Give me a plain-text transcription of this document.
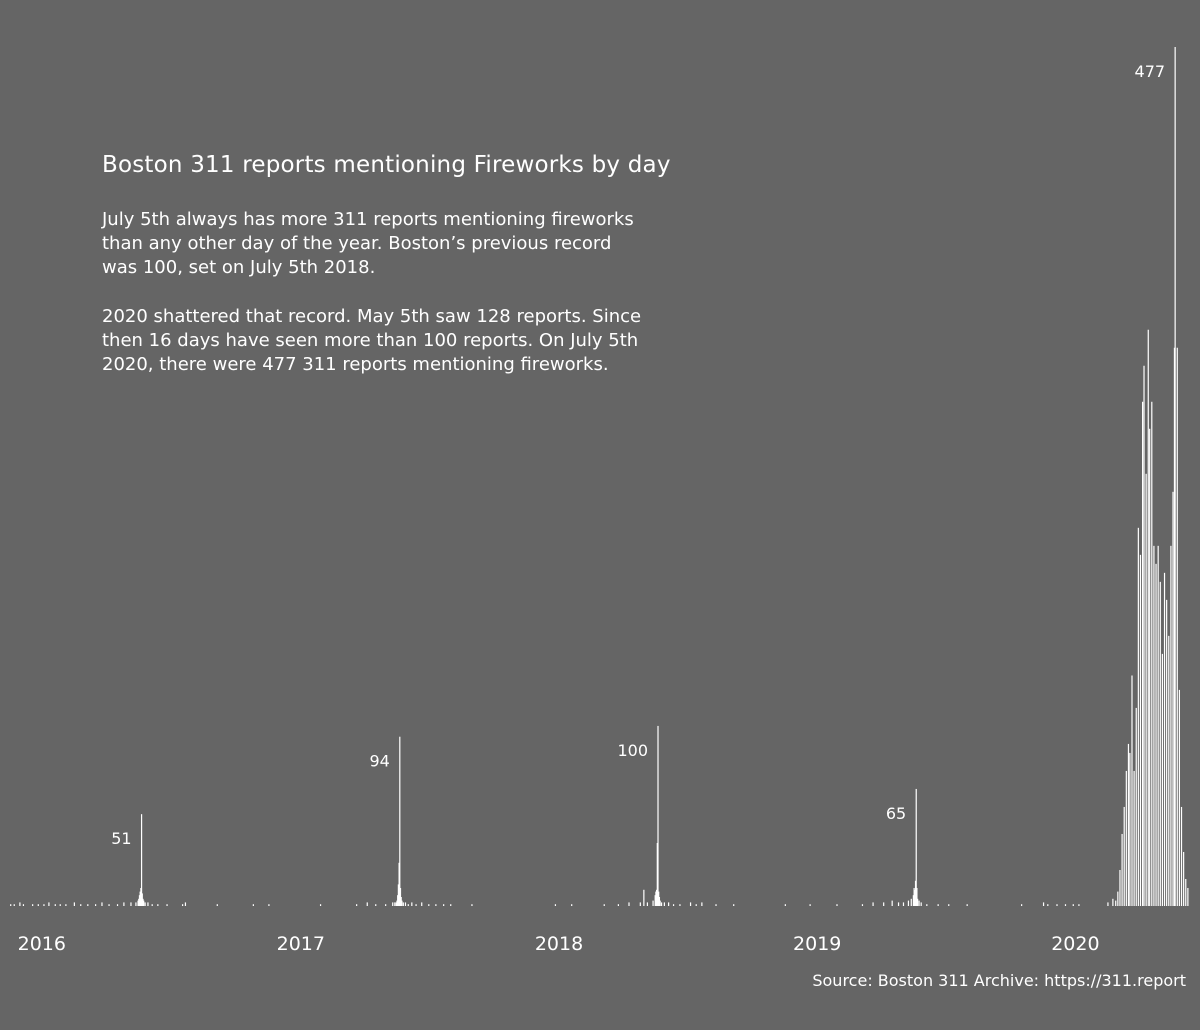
Boston 311 reports mentioning Fireworks by day
July 5th always has more 311 reports mentioning fireworks than any other day of the year. Boston’s previous record was 100, set on July 5th 2018.
2020 shattered that record. May 5th saw 128 reports. Since then 16 days have seen more than 100 reports. On July 5th 2020, there were 477 311 reports mentioning fireworks.
51
94
100
65
477
2016	2017	2018	2019	2020
Source: Boston 311 Archive: https://311.report
